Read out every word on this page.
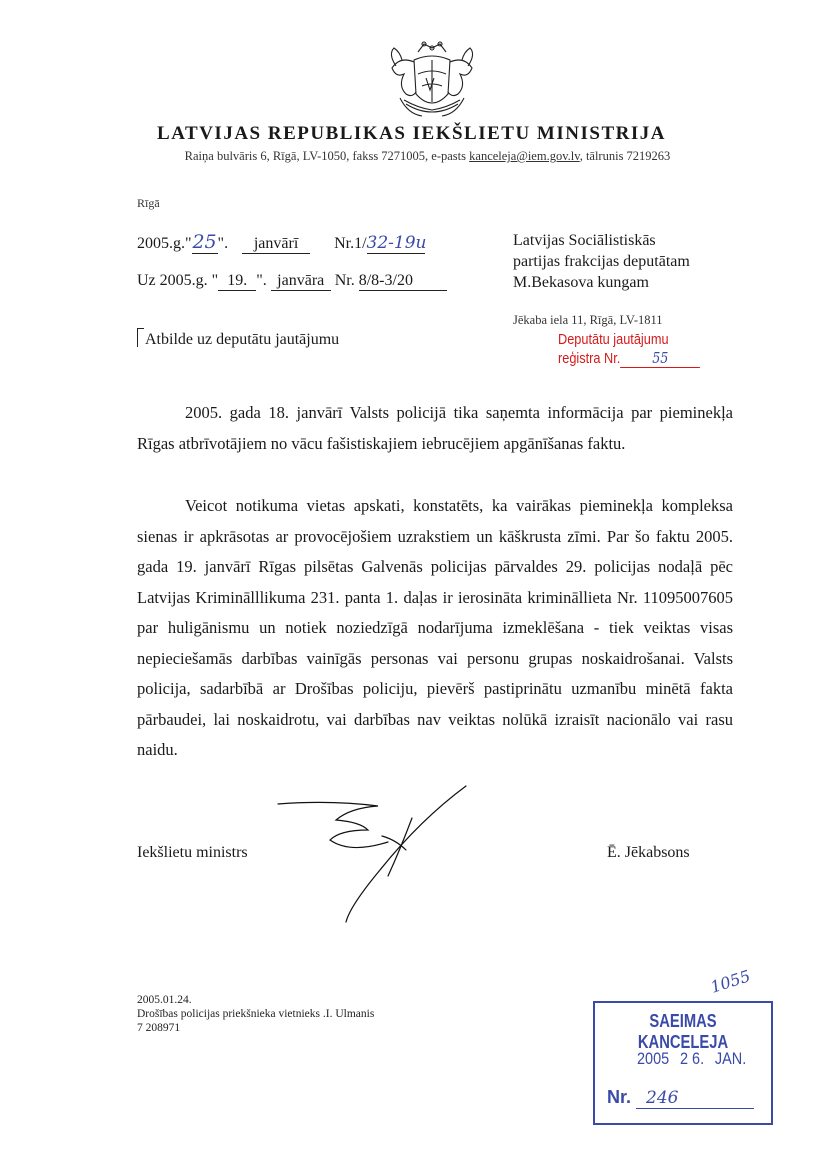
LATVIJAS REPUBLIKAS IEKŠLIETU MINISTRIJA
Raiņa bulvāris 6, Rīgā, LV-1050, fakss 7271005, e-pasts kanceleja@iem.gov.lv, tālrunis 7219263
Rīgā
2005.g."25". janvārī Nr.1/32-19u
Uz 2005.g. " 19. ". janvāra Nr. 8/8-3/20
Latvijas Sociālistiskās
partijas frakcijas deputātam
M.Bekasova kungam
Jēkaba iela 11, Rīgā, LV-1811
Atbilde uz deputātu jautājumu	Deputātu jautājumu
reģistra Nr. 55
2005. gada 18. janvārī Valsts policijā tika saņemta informācija par pieminekļa Rīgas atbrīvotājiem no vācu fašistiskajiem iebrucējiem apgānīšanas faktu.
Veicot notikuma vietas apskati, konstatēts, ka vairākas pieminekļa kompleksa sienas ir apkrāsotas ar provocējošiem uzrakstiem un kāškrusta zīmi. Par šo faktu 2005. gada 19. janvārī Rīgas pilsētas Galvenās policijas pārvaldes 29. policijas nodaļā pēc Latvijas Kriminālllikuma 231. panta 1. daļas ir ierosināta krimināllieta Nr. 11095007605 par huligānismu un notiek noziedzīgā nodarījuma izmeklēšana - tiek veiktas visas nepieciešamās darbības vainīgās personas vai personu grupas noskaidrošanai. Valsts policija, sadarbībā ar Drošības policiju, pievērš pastiprinātu uzmanību minētā fakta pārbaudei, lai noskaidrotu, vai darbības nav veiktas nolūkā izraisīt nacionālo vai rasu naidu.
Iekšlietu ministrs	Ē. Jēkabsons
2005.01.24.
Drošības policijas priekšnieka vietnieks .I. Ulmanis
7 208971
1055
SAEIMAS KANCELEJA
2005 2 6. JAN.
Nr. 246
